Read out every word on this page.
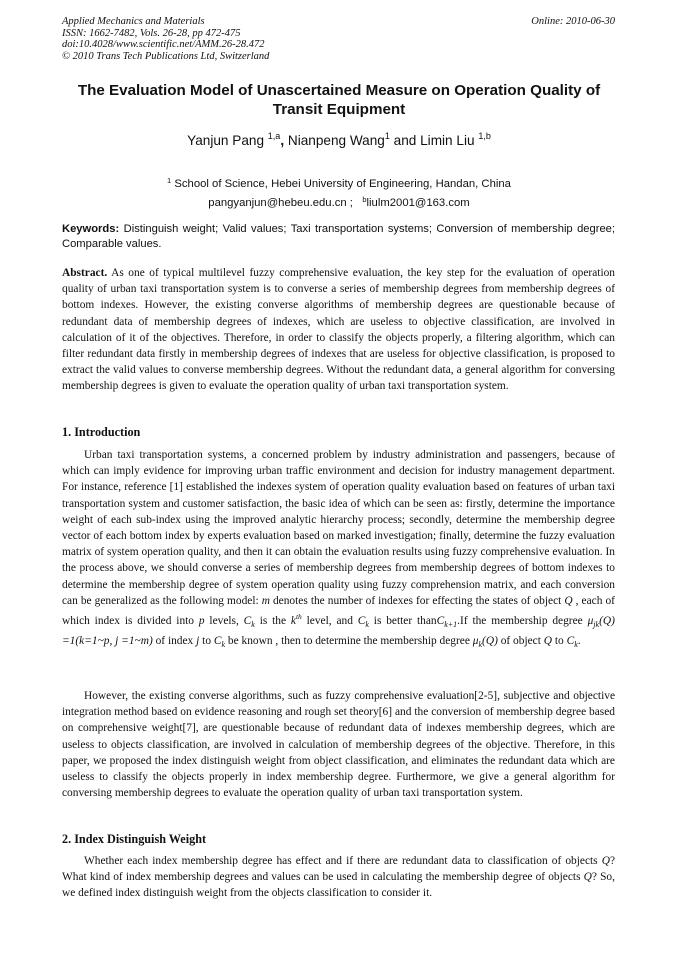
Applied Mechanics and Materials
ISSN: 1662-7482, Vols. 26-28, pp 472-475
doi:10.4028/www.scientific.net/AMM.26-28.472
© 2010 Trans Tech Publications Ltd, Switzerland
Online: 2010-06-30
The Evaluation Model of Unascertained Measure on Operation Quality of
Transit Equipment
Yanjun Pang $^{1,a}$, Nianpeng Wang$^1$ and Limin Liu $^{1,b}$
$^1$ School of Science, Hebei University of Engineering, Handan, China
pangyanjun@hebeu.edu.cn ; $^b$liulm2001@163.com
Keywords: Distinguish weight; Valid values; Taxi transportation systems; Conversion of membership degree; Comparable values.
Abstract. As one of typical multilevel fuzzy comprehensive evaluation, the key step for the evaluation of operation quality of urban taxi transportation system is to converse a series of membership degrees from membership degrees of bottom indexes. However, the existing converse algorithms of membership degrees are questionable because of redundant data of membership degrees of indexes, which are useless to objective classification, are involved in calculation of it of the objectives. Therefore, in order to classify the objects properly, a filtering algorithm, which can filter redundant data firstly in membership degrees of indexes that are useless for objective classification, is proposed to extract the valid values to converse membership degrees. Without the redundant data, a general algorithm for conversing membership degrees is given to evaluate the operation quality of urban taxi transportation system.
1. Introduction
Urban taxi transportation systems, a concerned problem by industry administration and passengers, because of which can imply evidence for improving urban traffic environment and decision for industry management department. For instance, reference [1] established the indexes system of operation quality evaluation based on features of urban taxi transportation system and customer satisfaction, the basic idea of which can be seen as: firstly, determine the importance weight of each sub-index using the improved analytic hierarchy process; secondly, determine the membership degree vector of each bottom index by experts evaluation based on marked investigation; finally, determine the fuzzy evaluation matrix of system operation quality, and then it can obtain the evaluation results using fuzzy comprehensive evaluation. In the process above, we should converse a series of membership degrees from membership degrees of bottom indexes to determine the membership degree of system operation quality using fuzzy comprehension matrix, and each conversion can be generalized as the following model: m denotes the number of indexes for effecting the states of object Q , each of which index is divided into p levels, $C_k$ is the $k^{th}$ level, and $C_k$ is better thanC$_{k+1}$.If the membership degree $\mu_{jk}(Q)$ =1(k=1~p, j =1~m) of index j to $C_k$ be known , then to determine the membership degree $\mu_k(Q)$ of object Q to $C_k$.
However, the existing converse algorithms, such as fuzzy comprehensive evaluation[2-5], subjective and objective integration method based on evidence reasoning and rough set theory[6] and the conversion of membership degree based on comprehensive weight[7], are questionable because of redundant data of indexes membership degrees, which are useless to objects classification, are involved in calculation of membership degrees of the objective. Therefore, in this paper, we proposed the index distinguish weight from object classification, and eliminates the redundant data which are useless to classify the objects properly in index membership degree. Furthermore, we give a general algorithm for conversing membership degrees to evaluate the operation quality of urban taxi transportation system.
2. Index Distinguish Weight
Whether each index membership degree has effect and if there are redundant data to classification of objects Q? What kind of index membership degrees and values can be used in calculating the membership degree of objects Q? So, we defined index distinguish weight from the objects classification to consider it.
